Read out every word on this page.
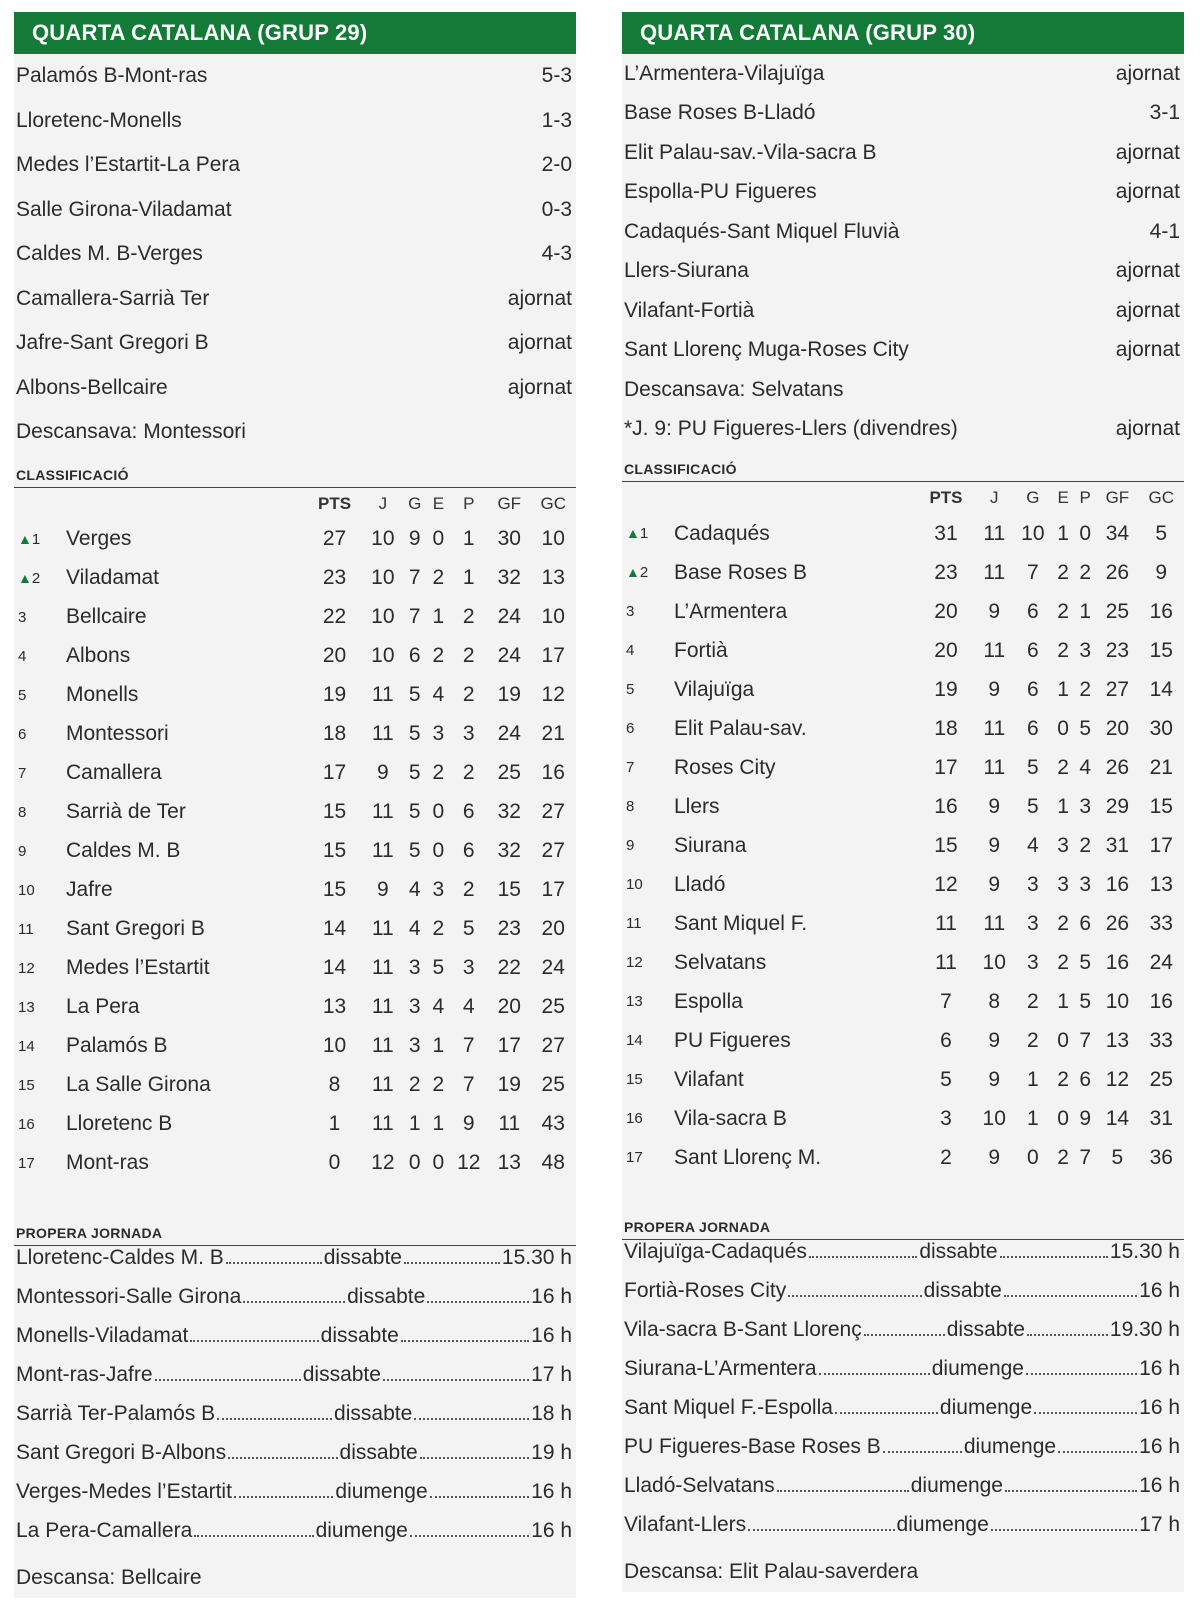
QUARTA CATALANA (GRUP 29)
Palamós B-Mont-ras	5-3
Lloretenc-Monells	1-3
Medes l’Estartit-La Pera	2-0
Salle Girona-Viladamat	0-3
Caldes M. B-Verges	4-3
Camallera-Sarrià Ter	ajornat
Jafre-Sant Gregori B	ajornat
Albons-Bellcaire	ajornat
Descansava: Montessori
CLASSIFICACIÓ
		PTS	J	G	E	P	GF	GC
▲1	Verges	27	10	9	0	1	30	10
▲2	Viladamat	23	10	7	2	1	32	13
3	Bellcaire	22	10	7	1	2	24	10
4	Albons	20	10	6	2	2	24	17
5	Monells	19	11	5	4	2	19	12
6	Montessori	18	11	5	3	3	24	21
7	Camallera	17	9	5	2	2	25	16
8	Sarrià de Ter	15	11	5	0	6	32	27
9	Caldes M. B	15	11	5	0	6	32	27
10	Jafre	15	9	4	3	2	15	17
11	Sant Gregori B	14	11	4	2	5	23	20
12	Medes l’Estartit	14	11	3	5	3	22	24
13	La Pera	13	11	3	4	4	20	25
14	Palamós B	10	11	3	1	7	17	27
15	La Salle Girona	8	11	2	2	7	19	25
16	Lloretenc B	1	11	1	1	9	11	43
17	Mont-ras	0	12	0	0	12	13	48
PROPERA JORNADA
Lloretenc-Caldes M. B	dissabte	15.30 h
Montessori-Salle Girona	dissabte	16 h
Monells-Viladamat	dissabte	16 h
Mont-ras-Jafre	dissabte	17 h
Sarrià Ter-Palamós B	dissabte	18 h
Sant Gregori B-Albons	dissabte	19 h
Verges-Medes l’Estartit	diumenge	16 h
La Pera-Camallera	diumenge	16 h
Descansa: Bellcaire
QUARTA CATALANA (GRUP 30)
L’Armentera-Vilajuïga	ajornat
Base Roses B-Lladó	3-1
Elit Palau-sav.-Vila-sacra B	ajornat
Espolla-PU Figueres	ajornat
Cadaqués-Sant Miquel Fluvià	4-1
Llers-Siurana	ajornat
Vilafant-Fortià	ajornat
Sant Llorenç Muga-Roses City	ajornat
Descansava: Selvatans
*J. 9: PU Figueres-Llers (divendres)	ajornat
CLASSIFICACIÓ
		PTS	J	G	E	P	GF	GC
▲1	Cadaqués	31	11	10	1	0	34	5
▲2	Base Roses B	23	11	7	2	2	26	9
3	L’Armentera	20	9	6	2	1	25	16
4	Fortià	20	11	6	2	3	23	15
5	Vilajuïga	19	9	6	1	2	27	14
6	Elit Palau-sav.	18	11	6	0	5	20	30
7	Roses City	17	11	5	2	4	26	21
8	Llers	16	9	5	1	3	29	15
9	Siurana	15	9	4	3	2	31	17
10	Lladó	12	9	3	3	3	16	13
11	Sant Miquel F.	11	11	3	2	6	26	33
12	Selvatans	11	10	3	2	5	16	24
13	Espolla	7	8	2	1	5	10	16
14	PU Figueres	6	9	2	0	7	13	33
15	Vilafant	5	9	1	2	6	12	25
16	Vila-sacra B	3	10	1	0	9	14	31
17	Sant Llorenç M.	2	9	0	2	7	5	36
PROPERA JORNADA
Vilajuïga-Cadaqués	dissabte	15.30 h
Fortià-Roses City	dissabte	16 h
Vila-sacra B-Sant Llorenç	dissabte	19.30 h
Siurana-L’Armentera	diumenge	16 h
Sant Miquel F.-Espolla	diumenge	16 h
PU Figueres-Base Roses B	diumenge	16 h
Lladó-Selvatans	diumenge	16 h
Vilafant-Llers	diumenge	17 h
Descansa: Elit Palau-saverdera
